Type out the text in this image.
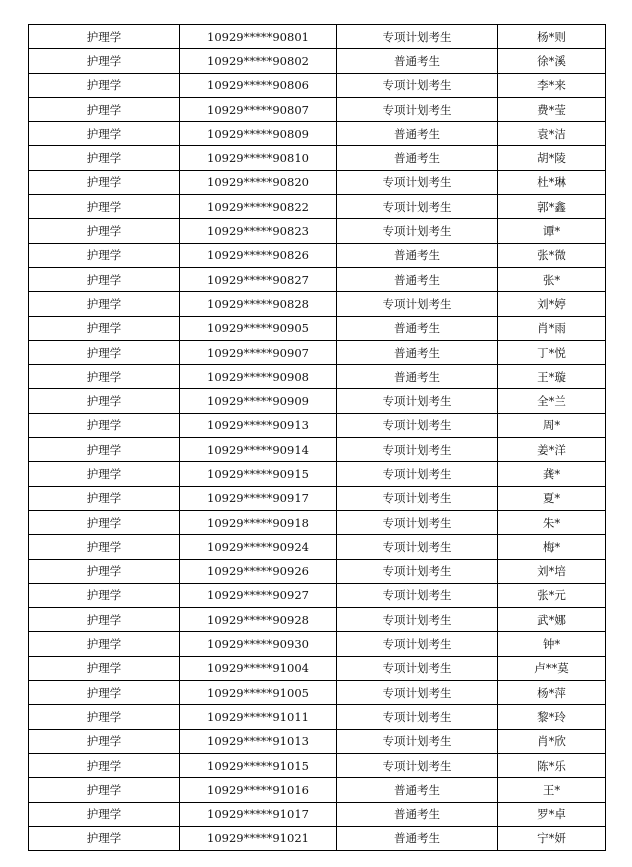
护理学	10929*****90801	专项计划考生	杨*则
护理学	10929*****90802	普通考生	徐*溪
护理学	10929*****90806	专项计划考生	李*来
护理学	10929*****90807	专项计划考生	费*莹
护理学	10929*****90809	普通考生	袁*洁
护理学	10929*****90810	普通考生	胡*陵
护理学	10929*****90820	专项计划考生	杜*琳
护理学	10929*****90822	专项计划考生	郭*鑫
护理学	10929*****90823	专项计划考生	谭*
护理学	10929*****90826	普通考生	张*微
护理学	10929*****90827	普通考生	张*
护理学	10929*****90828	专项计划考生	刘*婷
护理学	10929*****90905	普通考生	肖*雨
护理学	10929*****90907	普通考生	丁*悦
护理学	10929*****90908	普通考生	王*璇
护理学	10929*****90909	专项计划考生	全*兰
护理学	10929*****90913	专项计划考生	周*
护理学	10929*****90914	专项计划考生	姜*洋
护理学	10929*****90915	专项计划考生	龚*
护理学	10929*****90917	专项计划考生	夏*
护理学	10929*****90918	专项计划考生	朱*
护理学	10929*****90924	专项计划考生	梅*
护理学	10929*****90926	专项计划考生	刘*培
护理学	10929*****90927	专项计划考生	张*元
护理学	10929*****90928	专项计划考生	武*娜
护理学	10929*****90930	专项计划考生	钟*
护理学	10929*****91004	专项计划考生	卢**莫
护理学	10929*****91005	专项计划考生	杨*萍
护理学	10929*****91011	专项计划考生	黎*玲
护理学	10929*****91013	专项计划考生	肖*欣
护理学	10929*****91015	专项计划考生	陈*乐
护理学	10929*****91016	普通考生	王*
护理学	10929*****91017	普通考生	罗*卓
护理学	10929*****91021	普通考生	宁*妍
